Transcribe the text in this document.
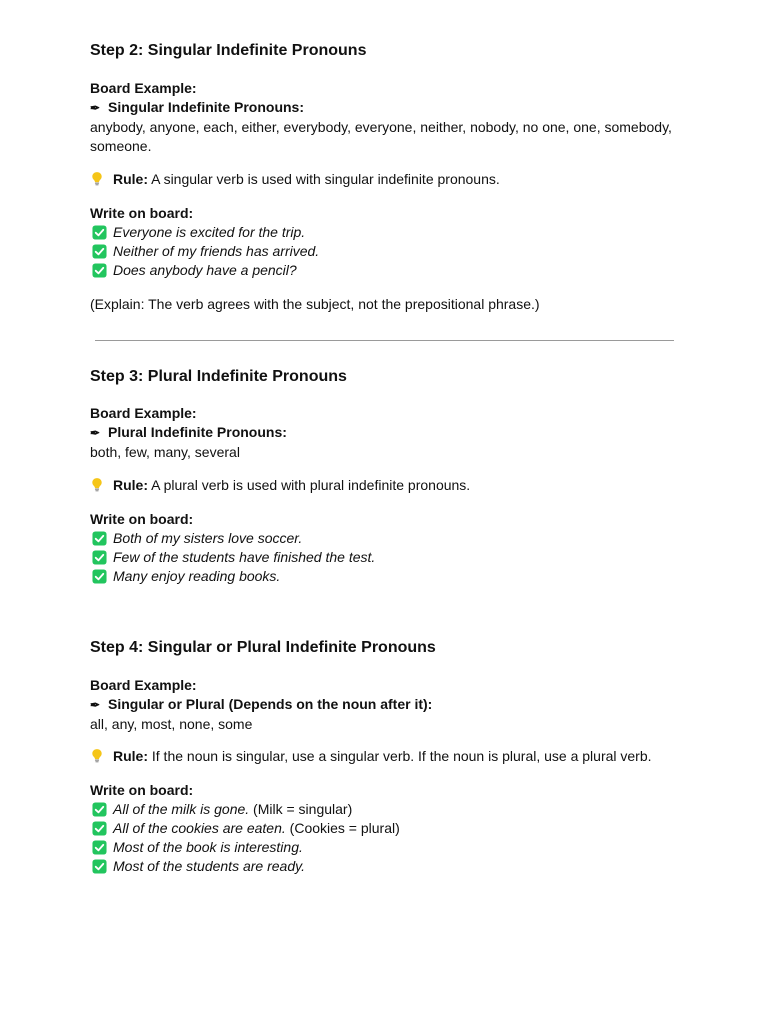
Step 2: Singular Indefinite Pronouns

Board Example:

✒ Singular Indefinite Pronouns:

anybody, anyone, each, either, everybody, everyone, neither, nobody, no one, one, somebody, someone.

Rule: A singular verb is used with singular indefinite pronouns.

Write on board:

Everyone is excited for the trip.

Neither of my friends has arrived.

Does anybody have a pencil?

(Explain: The verb agrees with the subject, not the prepositional phrase.)

Step 3: Plural Indefinite Pronouns

Board Example:

✒ Plural Indefinite Pronouns:

both, few, many, several

Rule: A plural verb is used with plural indefinite pronouns.

Write on board:

Both of my sisters love soccer.

Few of the students have finished the test.

Many enjoy reading books.

Step 4: Singular or Plural Indefinite Pronouns

Board Example:

✒ Singular or Plural (Depends on the noun after it):

all, any, most, none, some

Rule: If the noun is singular, use a singular verb. If the noun is plural, use a plural verb.

Write on board:

All of the milk is gone. (Milk = singular)

All of the cookies are eaten. (Cookies = plural)

Most of the book is interesting.

Most of the students are ready.
